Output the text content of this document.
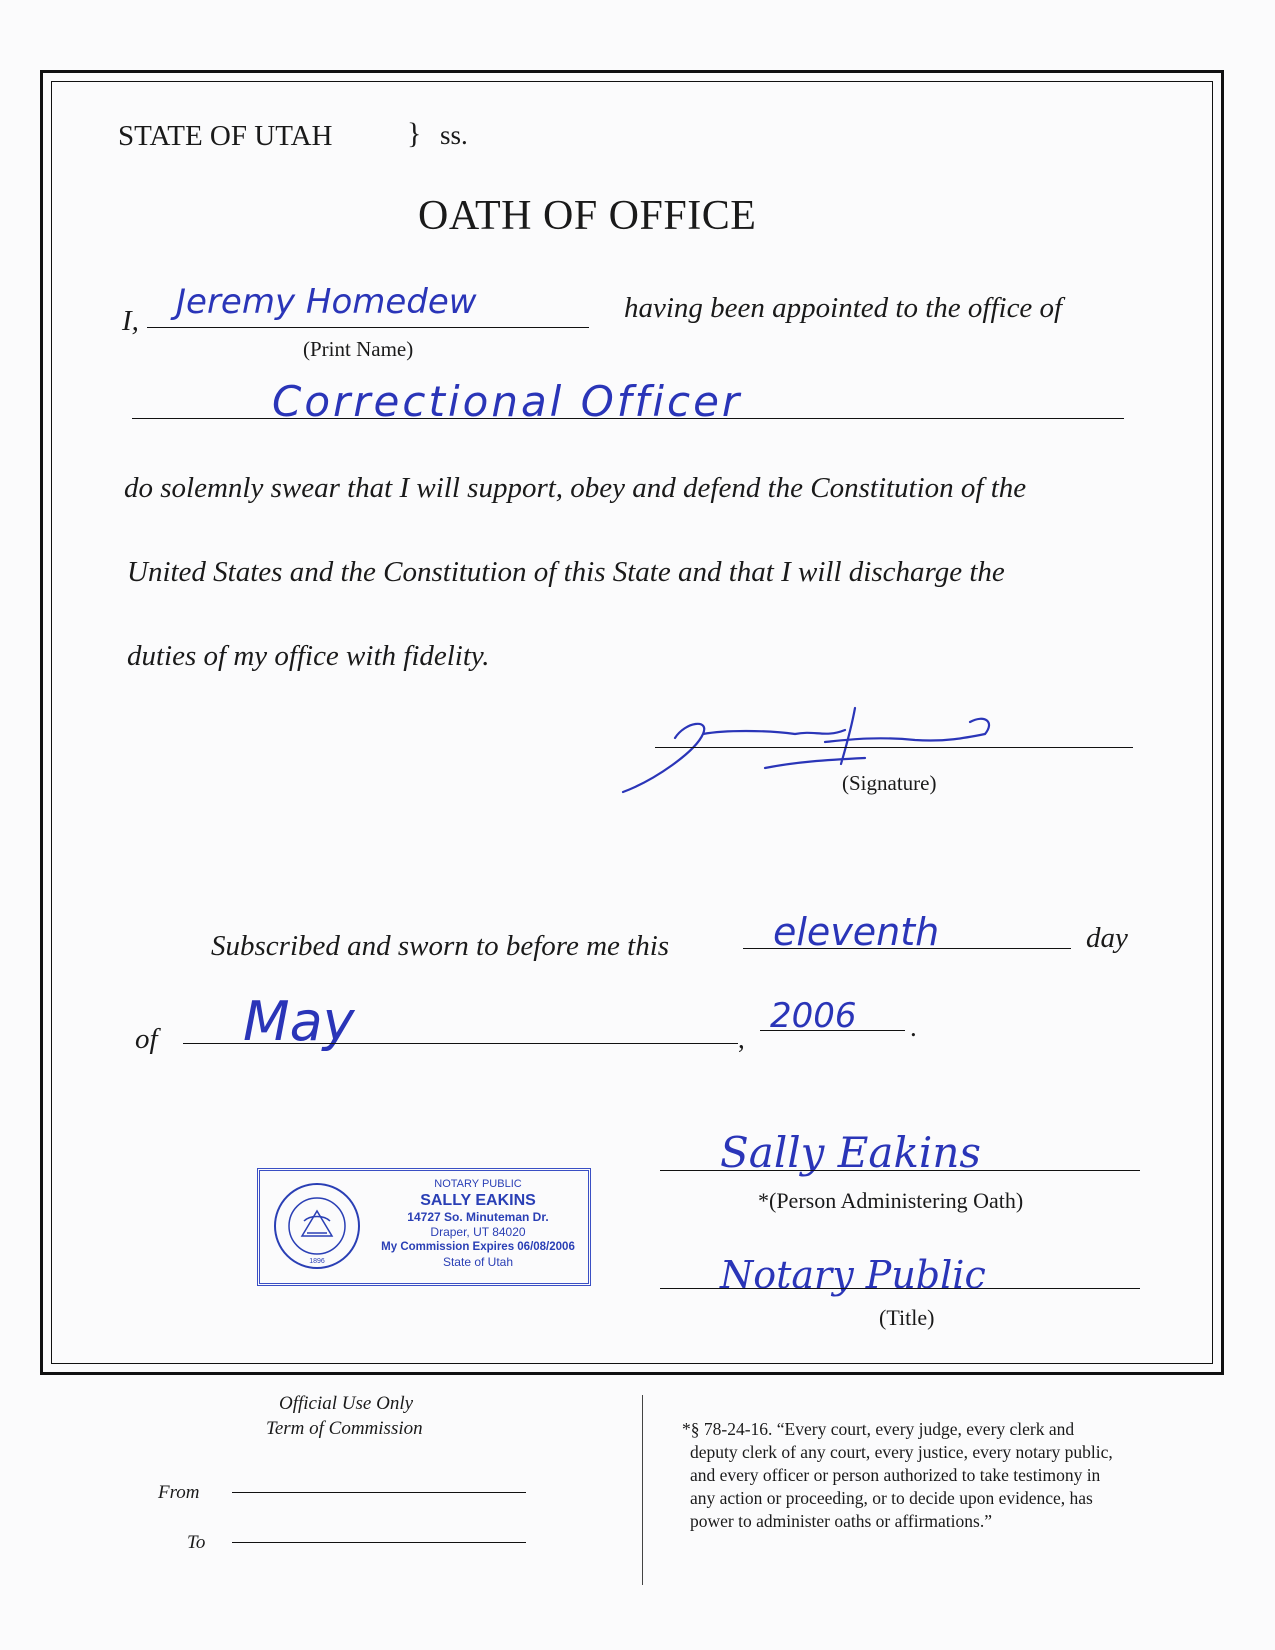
STATE OF UTAH } ss.
OATH OF OFFICE
I, Jeremy Homedew
(Print Name)
having been appointed to the office of
Correctional Officer
do solemnly swear that I will support, obey and defend the Constitution of the
United States and the Constitution of this State and that I will discharge the
duties of my office with fidelity.
(Signature)
Subscribed and sworn to before me this	eleventh	day
of May	,
2006 .
1896
NOTARY PUBLIC
SALLY EAKINS
14727 So. Minuteman Dr.
Draper, UT 84020
My Commission Expires 06/08/2006
State of Utah
Sally Eakins
*(Person Administering Oath)
Notary Public
(Title)
Official Use Only
Term of Commission
From
To
*§ 78-24-16. “Every court, every judge, every clerk and
deputy clerk of any court, every justice, every notary public,
and every officer or person authorized to take testimony in
any action or proceeding, or to decide upon evidence, has
power to administer oaths or affirmations.”
